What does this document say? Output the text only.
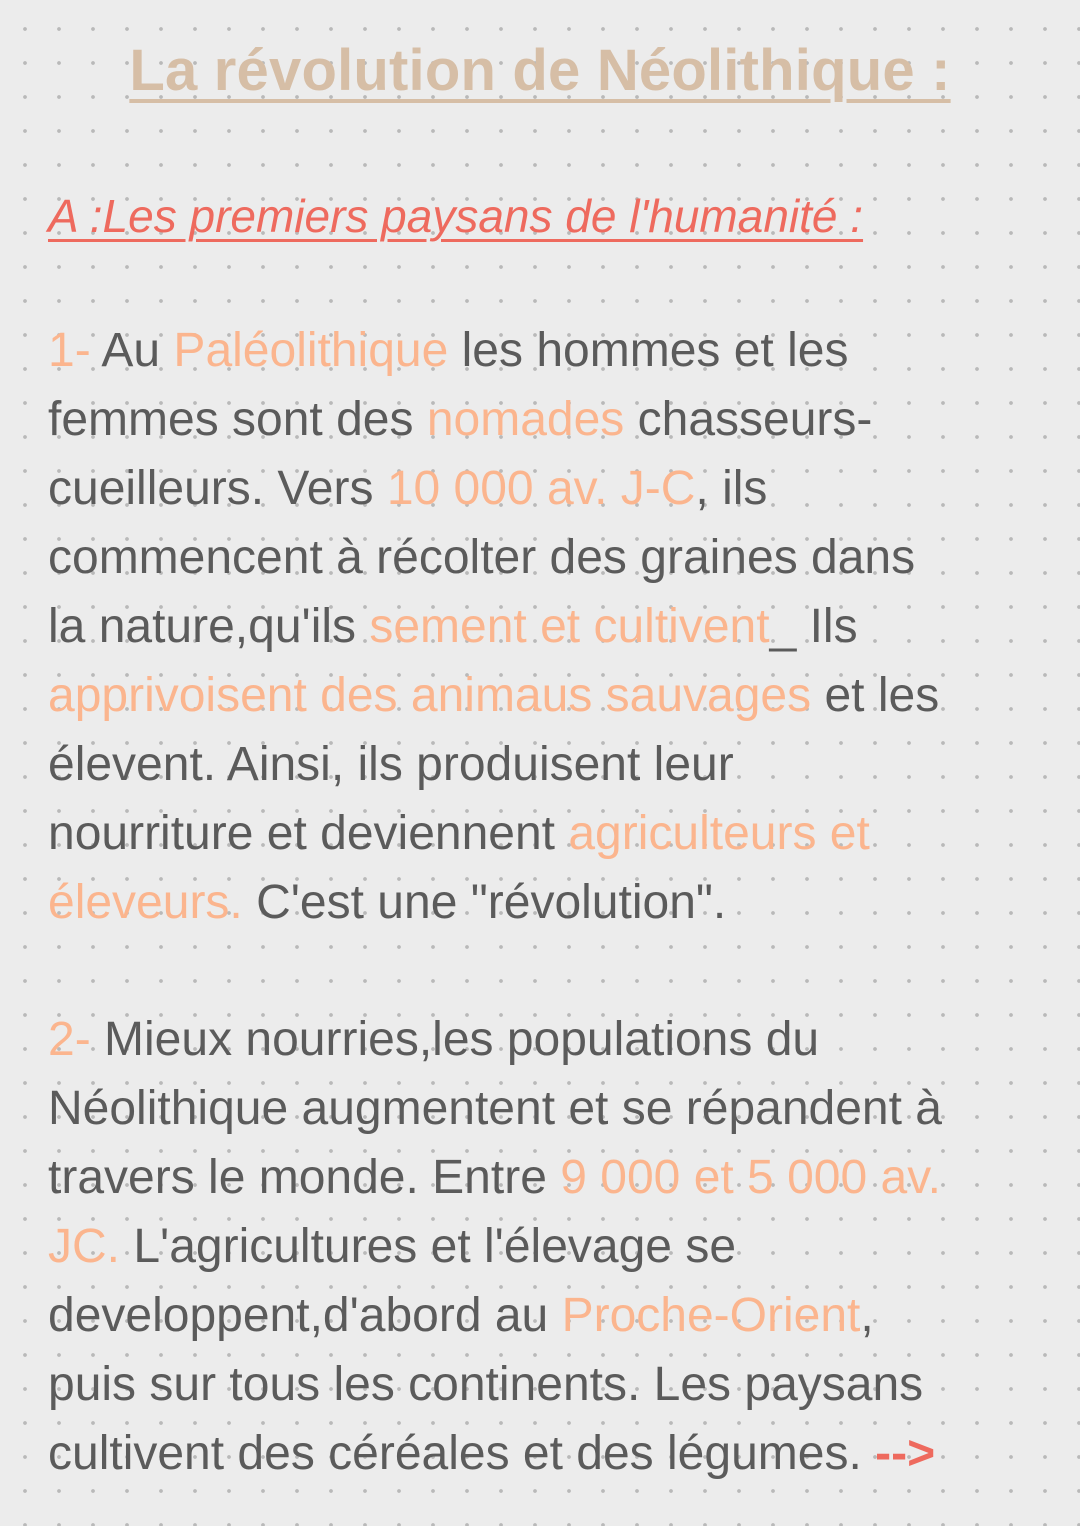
La révolution de Néolithique :
A :Les premiers paysans de l'humanité :

1- Au Paléolithique les hommes et les
femmes sont des nomades chasseurs-
cueilleurs. Vers 10 000 av. J-C, ils
commencent à récolter des graines dans
la nature,qu'ils sement et cultivent_ Ils
apprivoisent des animaus sauvages et les
élevent. Ainsi, ils produisent leur
nourriture et deviennent agriculteurs et
éleveurs. C'est une "révolution".

2- Mieux nourries,les populations du
Néolithique augmentent et se répandent à
travers le monde. Entre 9 000 et 5 000 av.
JC. L'agricultures et l'élevage se
developpent,d'abord au Proche-Orient,
puis sur tous les continents. Les paysans
cultivent des céréales et des légumes. -->
